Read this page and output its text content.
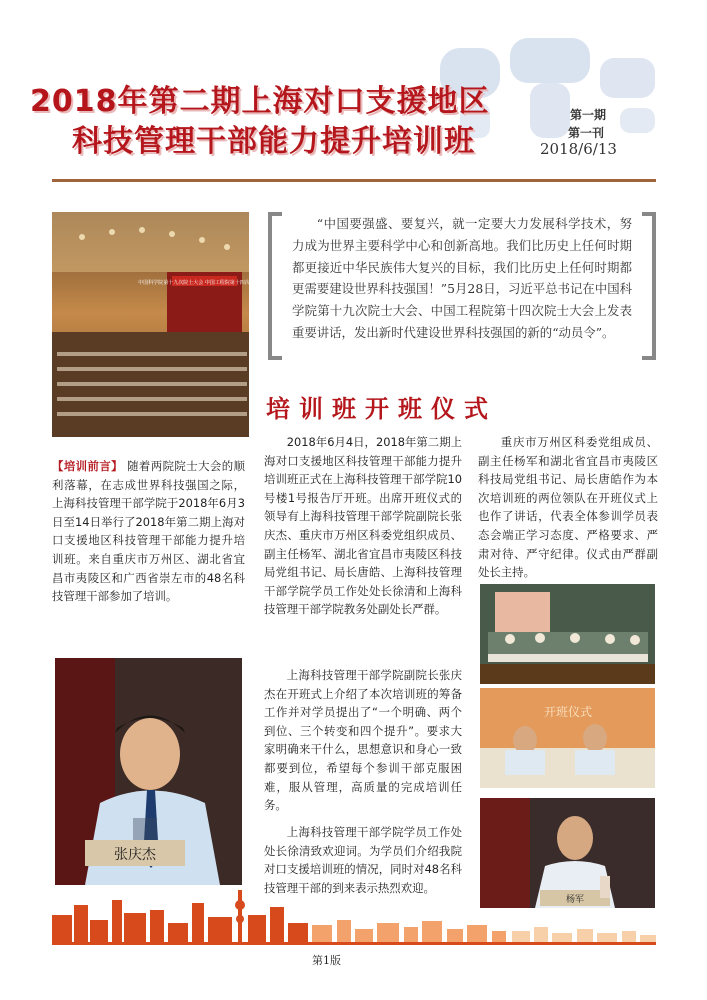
2018年第二期上海对口支援地区
科技管理干部能力提升培训班
第一期
第一刊
2018/6/13
中国科学院第十九次院士大会 中国工程院第十四次院士大会
“中国要强盛、要复兴，就一定要大力发展科学技术，努力成为世界主要科学中心和创新高地。我们比历史上任何时期都更接近中华民族伟大复兴的目标，我们比历史上任何时期都更需要建设世界科技强国！”5月28日，习近平总书记在中国科学院第十九次院士大会、中国工程院第十四次院士大会上发表重要讲话，发出新时代建设世界科技强国的新的“动员令”。
培训班开班仪式
【培训前言】 随着两院院士大会的顺利落幕，在志成世界科技强国之际，上海科技管理干部学院于2018年6月3日至14日举行了2018年第二期上海对口支援地区科技管理干部能力提升培训班。来自重庆市万州区、湖北省宜昌市夷陵区和广西省崇左市的48名科技管理干部参加了培训。
张庆杰
2018年6月4日，2018年第二期上海对口支援地区科技管理干部能力提升培训班正式在上海科技管理干部学院10号楼1号报告厅开班。出席开班仪式的领导有上海科技管理干部学院副院长张庆杰、重庆市万州区科委党组织成员、副主任杨军、湖北省宜昌市夷陵区科技局党组书记、局长唐皓、上海科技管理干部学院学员工作处处长徐清和上海科技管理干部学院教务处副处长严群。
上海科技管理干部学院副院长张庆杰在开班式上介绍了本次培训班的筹备工作并对学员提出了“一个明确、两个到位、三个转变和四个提升”。要求大家明确来干什么，思想意识和身心一致都要到位，希望每个参训干部克服困难，服从管理，高质量的完成培训任务。
上海科技管理干部学院学员工作处处长徐清致欢迎词。为学员们介绍我院对口支援培训班的情况，同时对48名科技管理干部的到来表示热烈欢迎。
重庆市万州区科委党组成员、副主任杨军和湖北省宜昌市夷陵区科技局党组书记、局长唐皓作为本次培训班的两位领队在开班仪式上也作了讲话，代表全体参训学员表态会端正学习态度、严格要求、严肃对待、严守纪律。仪式由严群副处长主持。
开班仪式
杨军
第1版
